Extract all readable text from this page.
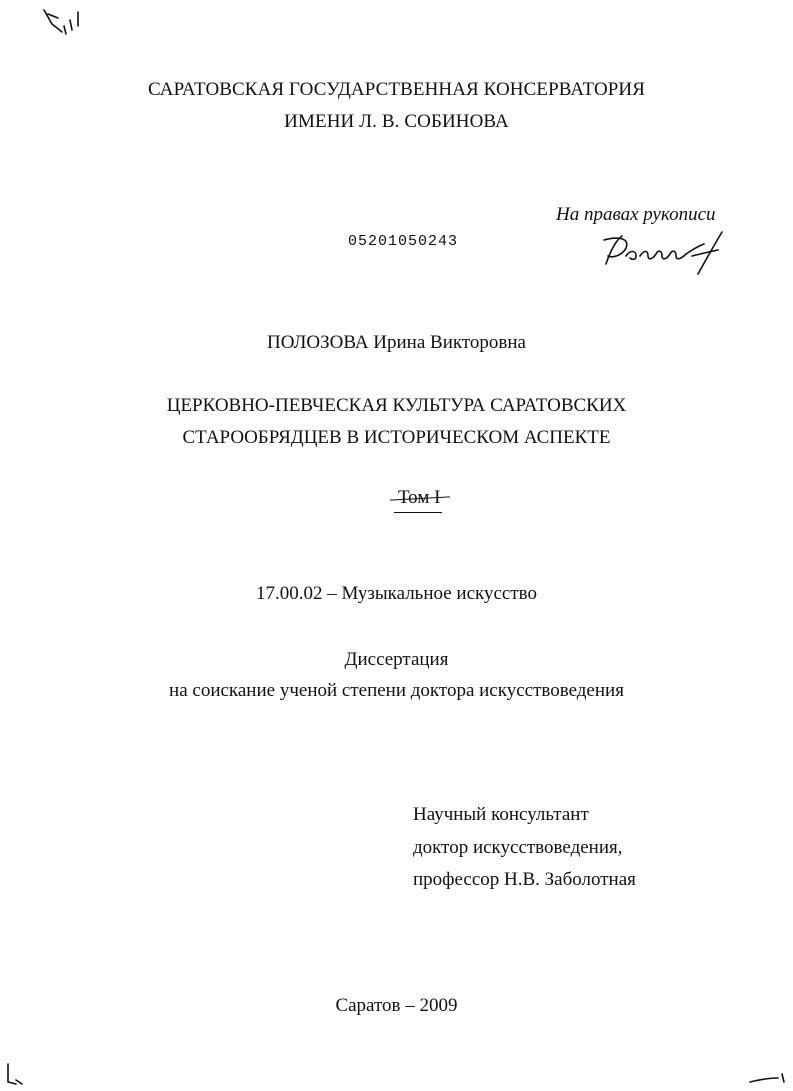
САРАТОВСКАЯ ГОСУДАРСТВЕННАЯ КОНСЕРВАТОРИЯ
ИМЕНИ Л. В. СОБИНОВА
На правах рукописи
05201050243
ПОЛОЗОВА Ирина Викторовна
ЦЕРКОВНО-ПЕВЧЕСКАЯ КУЛЬТУРА САРАТОВСКИХ
СТАРООБРЯДЦЕВ В ИСТОРИЧЕСКОМ АСПЕКТЕ
Том I
17.00.02 – Музыкальное искусство
Диссертация
на соискание ученой степени доктора искусствоведения
Научный консультант
доктор искусствоведения,
профессор Н.В. Заболотная
Саратов – 2009
